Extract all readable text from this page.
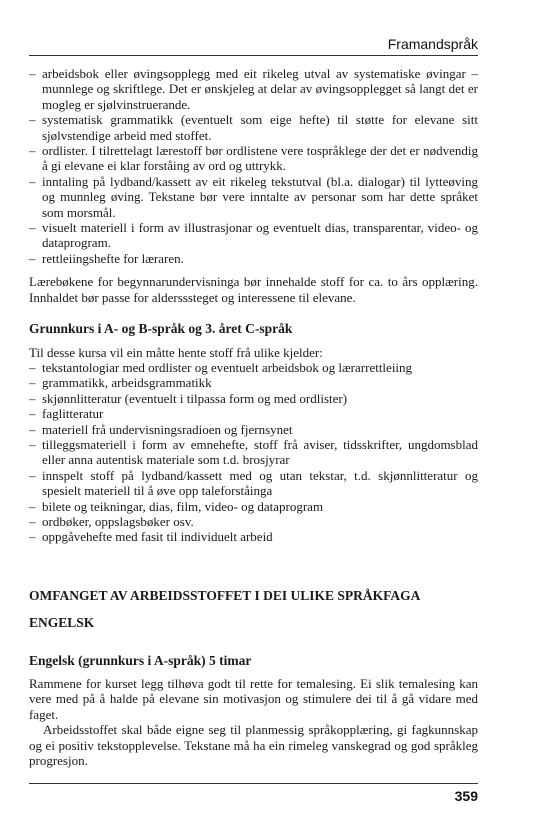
Framandspråk
– arbeidsbok eller øvingsopplegg med eit rikeleg utval av systematiske øvingar – munnlege og skriftlege. Det er ønskjeleg at delar av øvingsopplegget så langt det er mogleg er sjølvinstruerande.
– systematisk grammatikk (eventuelt som eige hefte) til støtte for elevane sitt sjølvstendige arbeid med stoffet.
– ordlister. I tilrettelagt lærestoff bør ordlistene vere tospråklege der det er nødvendig å gi elevane ei klar forståing av ord og uttrykk.
– inntaling på lydband/kassett av eit rikeleg tekstutval (bl.a. dialogar) til lytteøving og munnleg øving. Tekstane bør vere inntalte av personar som har dette språket som morsmål.
– visuelt materiell i form av illustrasjonar og eventuelt dias, transparentar, video- og dataprogram.
– rettleiingshefte for læraren.

Lærebøkene for begynnarundervisninga bør innehalde stoff for ca. to års opplæring. Innhaldet bør passe for aldersssteget og interessene til elevane.

Grunnkurs i A- og B-språk og 3. året C-språk

Til desse kursa vil ein måtte hente stoff frå ulike kjelder:

– tekstantologiar med ordlister og eventuelt arbeidsbok og lærarrettleiing
– grammatikk, arbeidsgrammatikk
– skjønnlitteratur (eventuelt i tilpassa form og med ordlister)
– faglitteratur
– materiell frå undervisningsradioen og fjernsynet
– tilleggsmateriell i form av emnehefte, stoff frå aviser, tidsskrifter, ungdomsblad eller anna autentisk materiale som t.d. brosjyrar
– innspelt stoff på lydband/kassett med og utan tekstar, t.d. skjønnlitteratur og spesielt materiell til å øve opp taleforståinga
– bilete og teikningar, dias, film, video- og dataprogram
– ordbøker, oppslagsbøker osv.
– oppgåvehefte med fasit til individuelt arbeid
OMFANGET AV ARBEIDSSTOFFET I DEI ULIKE SPRÅKFAGA
ENGELSK
Engelsk (grunnkurs i A-språk) 5 timar

Rammene for kurset legg tilhøva godt til rette for temalesing. Ei slik temalesing kan vere med på å halde på elevane sin motivasjon og stimulere dei til å gå vidare med faget.

Arbeidsstoffet skal både eigne seg til planmessig språkopplæring, gi fagkunnskap og ei positiv tekstopplevelse. Tekstane må ha ein rimeleg vanskegrad og god språkleg progresjon.

359
